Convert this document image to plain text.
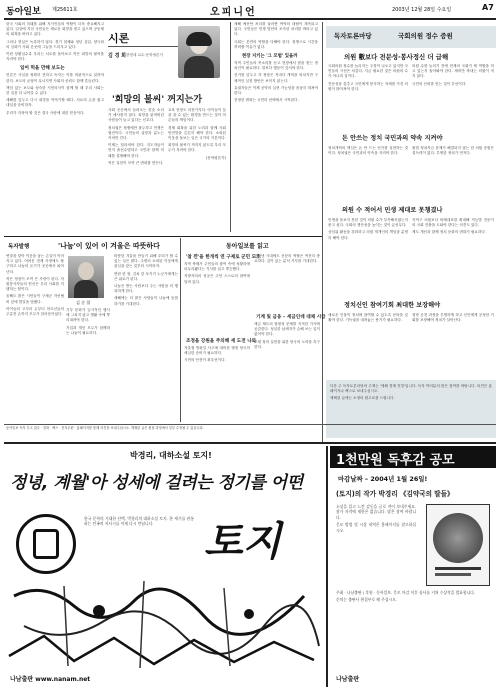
동아일보 제25611호	오피니언	2003년 12월 28일 수요일	A7

한국 사회의 미래를 위해 지식인들의 역할이 더욱 중요해지고 있다. 일상에 지친 국민들은 새로운 희망을 찾고 있으며 공동체의 회복을 바라고 있다.

그러나 현실은 녹록하지 않다. 경기 침체와 청년 실업, 양극화의 심화가 사회 곳곳에 그늘을 드리우고 있다.

이런 상황일수록 우리는 서로를 돌아보고 작은 희망의 불씨를 지켜야 한다.

일어 먹을 만해 보도는

언론은 사실을 정확히 전하고 독자는 이를 비판적으로 읽어야 한다. 보도의 균형이 무너지면 사회의 신뢰도 함께 흔들린다.

책임 있는 보도와 성숙한 시민의식이 함께 할 때 우리 사회는 한 걸음 더 나아갈 수 있다.

새해를 앞두고 다시 희망을 이야기할 때다. 서로의 손을 잡고 내일을 준비하자.

우리가 지켜야 할 것은 결국 사람에 대한 믿음이다.

시론
김 경 희 한양대 교수·문학평론가
'희망의 불씨' 꺼지는가

사회 곳곳에서 들려오는 한숨 소리가 예사롭지 않다. 희망을 잃어버린 사람들이 늘고 있다는 신호다.

정치권은 정쟁에만 몰두하고 민생은 뒷전이다. 국민들의 실망과 분노는 커져만 간다.

이제는 달라져야 한다. 지도자들이 먼저 솔선수범하고 국민과 함께 미래를 설계해야 한다.

작은 실천이 모여 큰 변화를 만든다.

교육 현장도 마찬가지다. 아이들이 꿈을 꿀 수 있는 환경을 만드는 것이 어른들의 책임이다.

경제 회복을 위한 노력과 함께 사회 안전망을 튼튼히 해야 한다. 소외된 이웃을 돌보는 일은 국가의 기본이다.

희망의 불씨가 꺼지지 않도록 우리 모두가 지켜야 한다.

(문학평론가)

새해 예산안 처리를 둘러싼 여야의 대립이 계속되고 있다. 국민들은 민생 법안의 조속한 처리를 바라고 있다.

국회는 본연의 역할을 다해야 한다. 정쟁으로 시간을 허비할 여유가 없다.

현장 지키는 '그 모범' 있을까

지역 주민들의 목소리를 듣고 현장에서 답을 찾는 정치인이 필요하다. 말보다 행동이 앞서야 한다.

선거를 앞두고 각 정당은 저마다 개혁을 외치지만 구체적인 실천 방안은 보이지 않는다.

유권자들은 이제 공약의 실현 가능성을 꼼꼼히 따져야 한다.

진정한 변화는 국민의 선택에서 시작된다.

독자토론마당	국회의원 정수 증원
의원 數보다 전문성·봉사정신 더 급해

국회의원 정수를 늘리자는 주장이 나오고 있지만 국민들의 시선은 차갑다. 지금 필요한 것은 의원의 수가 아니라 질이다.

전문성을 갖추고 국민에게 봉사하는 자세를 가진 의원이 많아져야 한다.

의원 수를 늘리기 전에 현재의 국회가 제 역할을 하고 있는지 돌아봐야 한다. 세비만 축내는 의원이 적지 않다.

국민의 신뢰를 얻는 것이 우선이다.

돈 안쓰는 정치 국민과의 약속 지켜야

정치개혁의 핵심은 돈 안 드는 선거를 실현하는 것이다. 정치권은 국민과의 약속을 지켜야 한다.

불법 정치자금 문제가 해결되지 않는 한 의원 증원은 설득력이 없다. 투명한 정치가 먼저다.

의원 수 적어서 민생 제대로 못챙겼나

민생을 돌보지 못한 것이 의원 수가 부족해서였는지 묻고 싶다. 국회의 생산성을 높이는 것이 급선무다.

상임위 활동을 강화하고 의원 개개인의 책임을 분명히 해야 한다.

지역구 의원보다 비례대표를 확대해 직능별 전문가의 국회 진출을 도와야 한다는 의견도 있다.

제도 개선과 함께 정치 문화의 변화가 필요하다.

정치신인 참여기회 최대한 보장해야

새로운 인물이 정치에 참여할 수 있도록 문턱을 낮춰야 한다. 기득권을 내려놓는 용기가 필요하다.

정당 공천 과정을 투명하게 하고 신인에게 공정한 기회를 보장해야 정치가 살아난다.

다음 주 독자토론마당의 주제는 '새해 경제 전망'입니다. 독자 여러분의 많은 참여를 바랍니다. 의견은 홈페이지나 팩스로 보내주십시오.

채택된 글에는 소정의 원고료를 드립니다.

독자발행	'나눔'이 있어 이 겨울은 따뜻하다

연말을 맞아 이웃을 돕는 손길이 이어지고 있다. 어려운 경제 사정에도 불구하고 나눔의 온기가 곳곳에서 피어난다.

작은 정성이 모여 큰 사랑이 된다. 자원봉사자들의 헌신은 우리 사회를 지탱하는 힘이다.

올해도 많은 시민들이 구세군 자선냄비 앞에 발길을 멈췄다.

아이들의 고사리 손부터 어르신들의 주름진 손까지 모두가 한마음이었다.

김 순 철

기부 문화가 일시적인 행사에 그치지 않고 생활 속에 뿌리내려야 한다.

기업과 개인 모두가 함께하는 나눔이 필요하다.

따뜻한 겨울을 만들기 위해 우리가 할 수 있는 일은 많다. 주변의 소외된 이웃에게 관심을 갖는 것부터 시작하자.

연탄 한 장, 김치 한 포기가 누군가에게는 큰 위로가 된다.

나눔은 받는 사람보다 주는 사람을 더 행복하게 한다.

새해에는 더 많은 사람들이 나눔에 동참하기를 기대한다.

동아일보를 읽고
'참 깐'을 한개씩 연 구제로 군민 도호

지역 축제가 주민들의 참여 속에 성황리에 마무리됐다는 기사를 읽고 뿌듯했다.

지방자치의 성공은 주민 스스로의 참여에 달려 있다.

조정을 강원을 주의해 세 도전 나와

겨울철 빙판길 사고에 대비한 행정 당국의 세심한 준비가 필요하다.

시민의 안전이 최우선이다.

인터넷 시대에도 신문의 역할은 여전히 중요하다. 깊이 있는 분석 기사를 기대한다.

기계 및 금융 – 세금인데 대체 시급

세금 제도의 형평성 문제를 지적한 기사에 공감한다. 성실한 납세자가 손해 보는 일이 없어야 한다.

조세 정의 실현을 위한 당국의 노력을 촉구한다.

동아일보 독자 투고 접수 · 전화 · 팩스 · 전자우편 · 홈페이지를 통해 의견을 보내주십시오. 게재된 글은 편집 과정에서 일부 수정될 수 있습니다.

박경리, 대하소설 토지!
정녕, 계월'아 성세에 걸려는 정기를 어떤

한국 문학의 거대한 산맥, 박경리의 대하소설 토지. 한 세기를 관통하는 민족의 서사시를 이제 다시 만납니다.	토지
나남출판 www.nanam.net
1천만원 독후감 공모
마감날짜 – 2004년 1월 26일!
(토지)의 작가 박경리 《김약국의 딸들》

소설을 읽고 느낀 감동을 글로 적어 보내주세요. 참가 자격에 제한은 없습니다. 많은 참여 바랍니다.

응모 방법 및 시상 내역은 홈페이지를 참고하십시오.

주최 · 나남출판 / 후원 · 동아일보. 응모 마감 이후 심사를 거쳐 수상작을 발표합니다.

문의는 출판사 편집부로 해 주십시오.

나남출판
